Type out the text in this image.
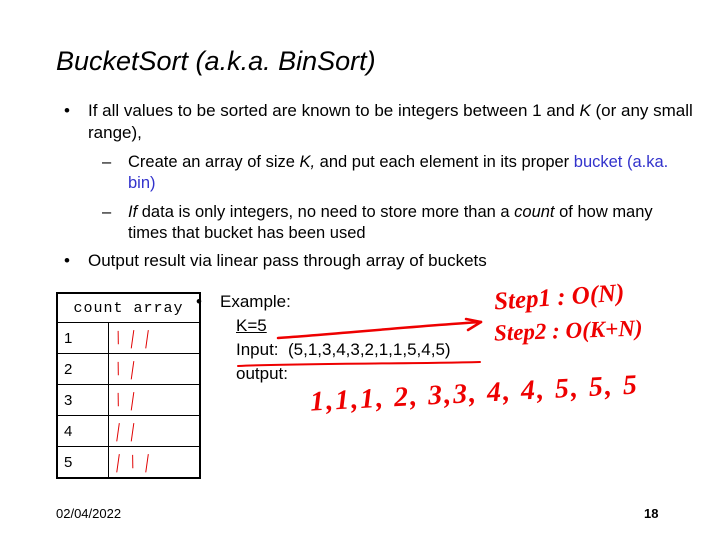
BucketSort (a.k.a. BinSort)
• If all values to be sorted are known to be integers between 1 and K (or any small range),
– Create an array of size K, and put each element in its proper bucket (a.ka. bin)
– If data is only integers, no need to store more than a count of how many times that bucket has been used
• Output result via linear pass through array of buckets
count array	
1	\ | |
2	\ |
3	\ |
4	| |
5	| \ |
• Example:
K=5
Input: (5,1,3,4,3,2,1,1,5,4,5)
output:
Step1 : O(N)
Step2 : O(K+N)
1,1,1, 2, 3,3, 4, 4, 5, 5, 5
02/04/2022	18
